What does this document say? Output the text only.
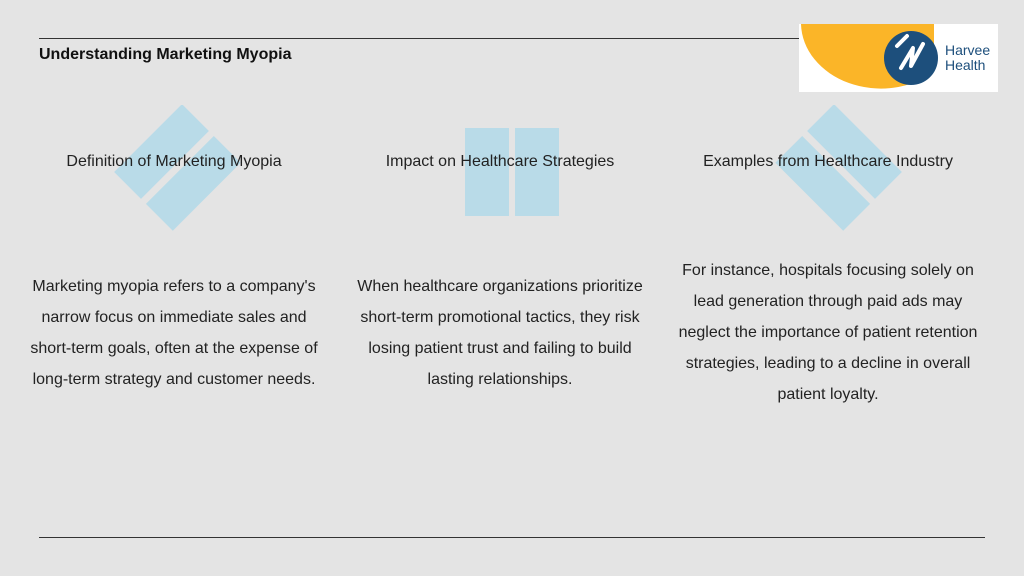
Understanding Marketing Myopia	Harvee
Health
Definition of Marketing Myopia
Marketing myopia refers to a company's narrow focus on immediate sales and short-term goals, often at the expense of long-term strategy and customer needs.
Impact on Healthcare Strategies
When healthcare organizations prioritize short-term promotional tactics, they risk losing patient trust and failing to build lasting relationships.
Examples from Healthcare Industry
For instance, hospitals focusing solely on lead generation through paid ads may neglect the importance of patient retention strategies, leading to a decline in overall patient loyalty.
